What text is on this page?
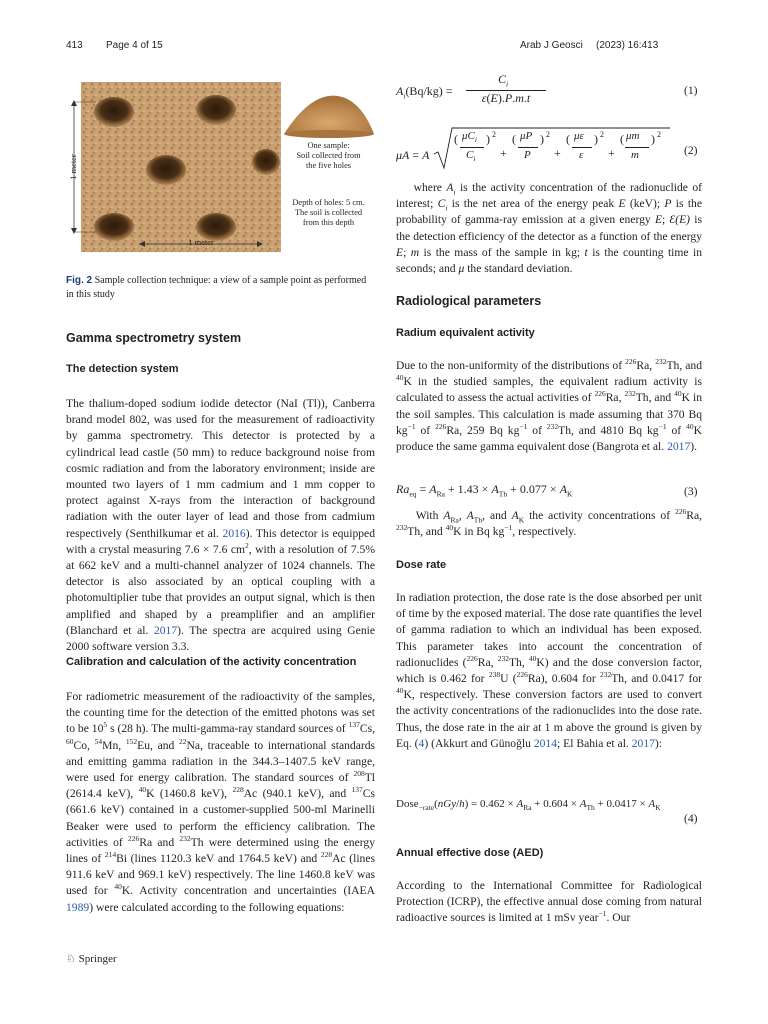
413 Page 4 of 15	Arab J Geosci (2023) 16:413
1 meter
1 meter
One sample:
Soil collected from
the five holes
Depth of holes: 5 cm.
The soil is collected
from this depth
Fig. 2 Sample collection technique: a view of a sample point as performed in this study
Gamma spectrometry system
The detection system

The thalium-doped sodium iodide detector (NaI (Tl)), Canberra brand model 802, was used for the measurement of radioactivity by gamma spectrometry. This detector is protected by a cylindrical lead castle (50 mm) to reduce background noise from cosmic radiation and from the laboratory environment; inside are mounted two layers of 1 mm cadmium and 1 mm copper to protect against X-rays from the interaction of background radiation with the outer layer of lead and those from cadmium respectively (Senthilkumar et al. 2016). This detector is equipped with a crystal measuring 7.6 × 7.6 $cm^2$, with a resolution of 7.5% at 662 keV and a multi-channel analyzer of 1024 channels. The detector is also associated by an optical coupling with a photomultiplier tube that provides an output signal, which is then amplified and shaped by a preamplifier and an amplifier (Blanchard et al. 2017). The spectra are acquired using Genie 2000 software version 3.3.

Calibration and calculation of the activity concentration

For radiometric measurement of the radioactivity of the samples, the counting time for the detection of the emitted photons was set to be $10^5$ s (28 h). The multi-gamma-ray standard sources of $^{137}$Cs, $^{60}$Co, $^{54}$Mn, $^{152}$Eu, and $^{22}$Na, traceable to international standards and emitting gamma radiation in the 344.3–1407.5 keV range, were used for energy calibration. The standard sources of $^{208}$Tl (2614.4 keV), $^{40}$K (1460.8 keV), $^{228}$Ac (940.1 keV), and $^{137}$Cs (661.6 keV) contained in a customer-supplied 500-ml Marinelli Beaker were used to perform the efficiency calibration. The activities of $^{226}$Ra and $^{232}$Th were determined using the energy lines of $^{214}$Bi (lines 1120.3 keV and 1764.5 keV) and $^{228}$Ac (lines 911.6 keV and 969.1 keV) respectively. The line 1460.8 keV was used for $^{40}$K. Activity concentration and uncertainties (IAEA 1989) were calculated according to the following equations:

♘ Springer
$A_i(Bq/kg)$ =
$C_i$
ε(E).P.m.t
(1)
μA = A
( $\mu C_i$
$C_i$
) 2
+
( μP
P
) 2
+
( με
ε
) 2
+
( μm
m
) 2
(2)

where $A_i$ is the activity concentration of the radionuclide of interest; $C_i$ is the net area of the energy peak E (keV); P is the probability of gamma-ray emission at a given energy E; Ɛ(E) is the detection efficiency of the detector as a function of the energy E; m is the mass of the sample in kg; t is the counting time in seconds; and μ the standard deviation.

Radiological parameters
Radium equivalent activity

Due to the non-uniformity of the distributions of $^{226}$Ra, $^{232}$Th, and $^{40}$K in the studied samples, the equivalent radium activity is calculated to assess the actual activities of $^{226}$Ra, $^{232}$Th, and $^{40}$K in the soil samples. This calculation is made assuming that 370 Bq $kg^{-1}$ of $^{226}$Ra, 259 Bq $kg^{-1}$ of $^{232}$Th, and 4810 Bq $kg^{-1}$ of $^{40}$K produce the same gamma equivalent dose (Bangrota et al. 2017).

$Ra_{eq} = A_{Ra} + 1.43 \times A_{Th} + 0.077 \times A_K$	(3)

With $A_{Ra}$, $A_{Th}$, and $A_K$ the activity concentrations of $^{226}$Ra, $^{232}$Th, and $^{40}$K in Bq $kg^{-1}$, respectively.

Dose rate

In radiation protection, the dose rate is the dose absorbed per unit of time by the exposed material. The dose rate quantifies the level of gamma radiation to which an individual has been exposed. This parameter takes into account the concentration of radionuclides ($^{226}$Ra, $^{232}$Th, $^{40}$K) and the dose conversion factor, which is 0.462 for $^{238}$U ($^{226}$Ra), 0.604 for $^{232}$Th, and 0.0417 for $^{40}$K, respectively. These conversion factors are used to convert the activity concentrations of the radionuclides into the dose rate. Thus, the dose rate in the air at 1 m above the ground is given by Eq. (4) (Akkurt and Günoğlu 2014; El Bahia et al. 2017):

Dose$_{-rate}$(nGy/h) = $0.462 \times A_{Ra} + 0.604 \times A_{Th} + 0.0417 \times A_K$
(4)
Annual effective dose (AED)

According to the International Committee for Radiological Protection (ICRP), the effective annual dose coming from natural radioactive sources is limited at 1 mSv year$^{-1}$. Our
